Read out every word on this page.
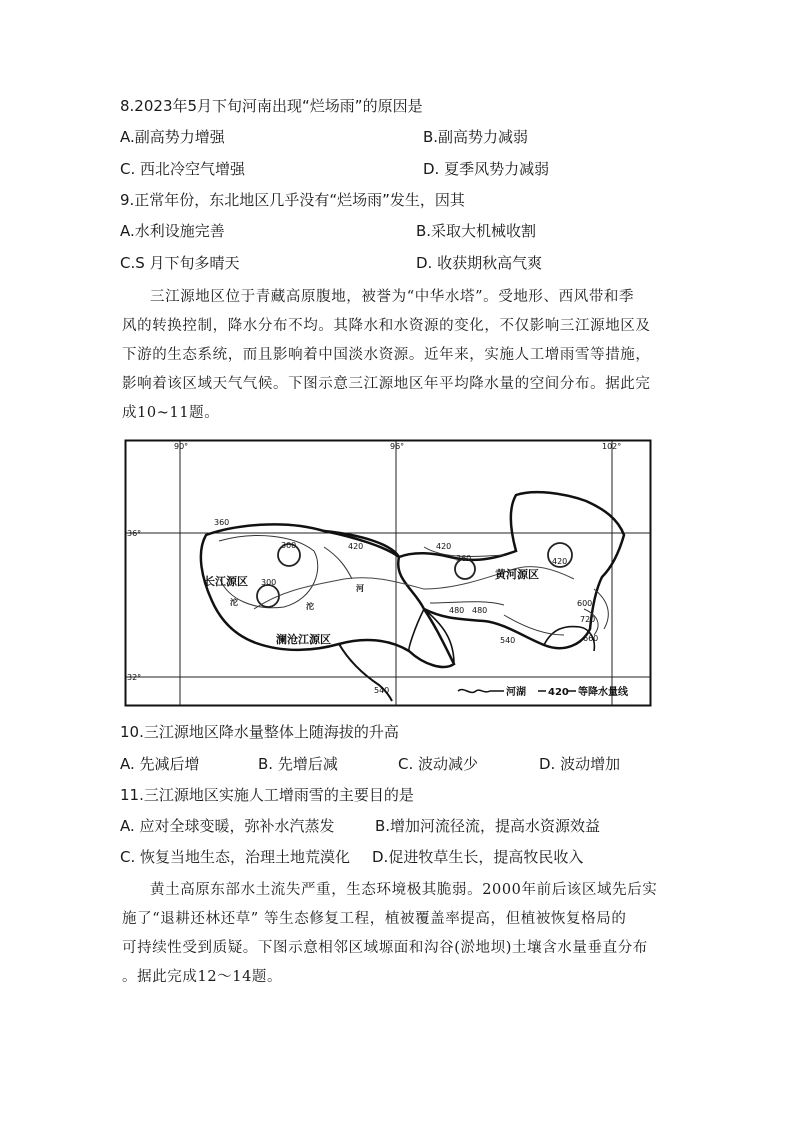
8.2023年5月下旬河南出现“烂场雨”的原因是
A.副高势力增强	B.副高势力减弱
C. 西北冷空气增强	D. 夏季风势力减弱
9.正常年份，东北地区几乎没有“烂场雨”发生，因其
A.水利设施完善	B.采取大机械收割
C.S 月下旬多晴天	D. 收获期秋高气爽
三江源地区位于青藏高原腹地，被誉为“中华水塔”。受地形、西风带和季
风的转换控制，降水分布不均。其降水和水资源的变化，不仅影响三江源地区及
下游的生态系统，而且影响着中国淡水资源。近年来，实施人工增雨雪等措施，
影响着该区域天气气候。下图示意三江源地区年平均降水量的空间分布。据此完
成10~11题。
90°	96°	102°
36°
32°
360
300
300
420	420
360	420
480 480
600
720
660
540
540
长江源区
黄河源区
澜沧江源区
沱	沱
河
河湖 420 等降水量线
10.三江源地区降水量整体上随海拔的升高
A. 先减后增	B. 先增后减	C. 波动减少	D. 波动增加
11.三江源地区实施人工增雨雪的主要目的是
A. 应对全球变暖，弥补水汽蒸发	B.增加河流径流，提高水资源效益
C. 恢复当地生态，治理土地荒漠化 D.促进牧草生长，提高牧民收入
黄土高原东部水土流失严重，生态环境极其脆弱。2000年前后该区域先后实
施了“退耕还林还草” 等生态修复工程，植被覆盖率提高，但植被恢复格局的
可持续性受到质疑。下图示意相邻区域塬面和沟谷(淤地坝)土壤含水量垂直分布
。据此完成12～14题。
